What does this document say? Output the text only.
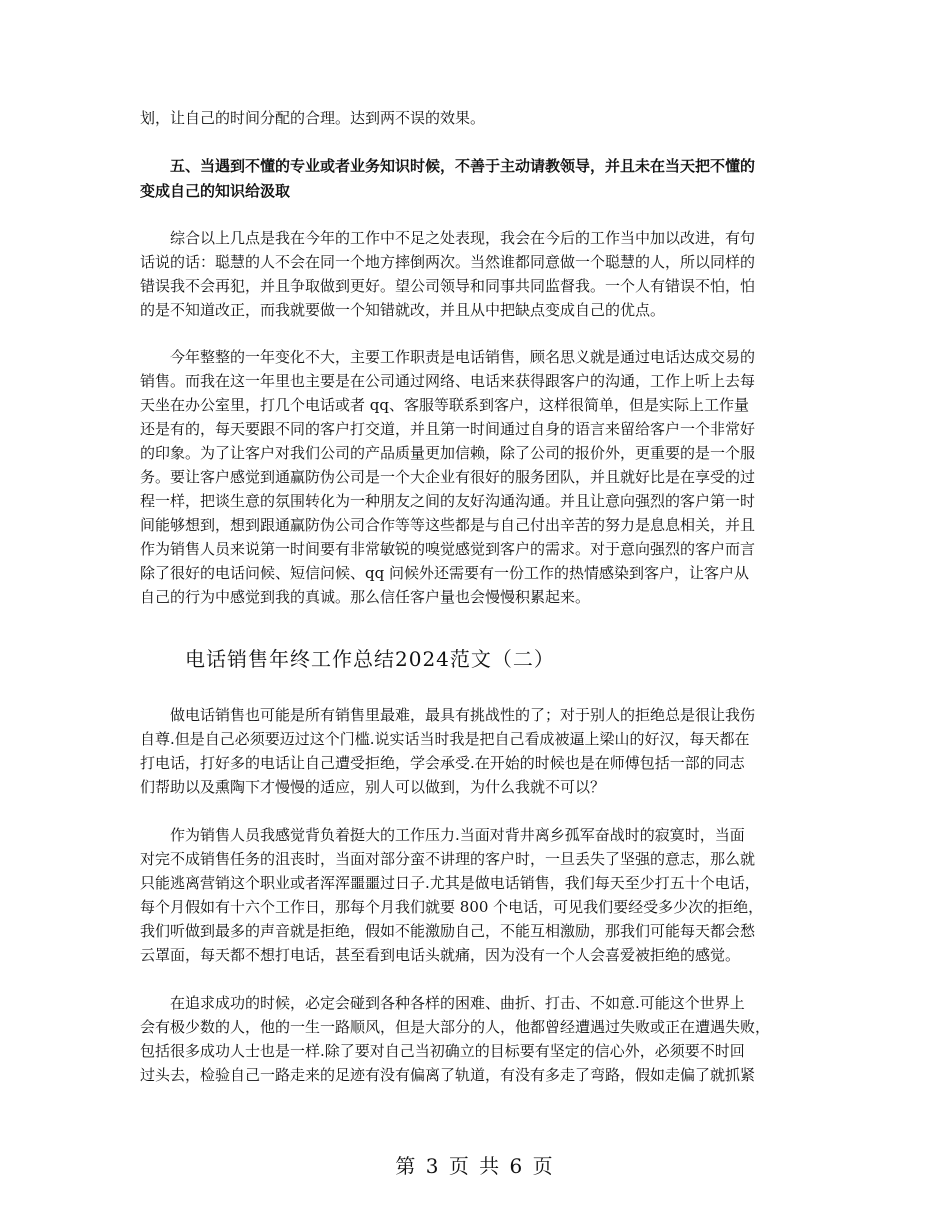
划，让自己的时间分配的合理。达到两不误的效果。
　　五、当遇到不懂的专业或者业务知识时候，不善于主动请教领导，并且未在当天把不懂的
变成自己的知识给汲取
　　综合以上几点是我在今年的工作中不足之处表现，我会在今后的工作当中加以改进，有句
话说的话：聪慧的人不会在同一个地方摔倒两次。当然谁都同意做一个聪慧的人，所以同样的
错误我不会再犯，并且争取做到更好。望公司领导和同事共同监督我。一个人有错误不怕，怕
的是不知道改正，而我就要做一个知错就改，并且从中把缺点变成自己的优点。
　　今年整整的一年变化不大，主要工作职责是电话销售，顾名思义就是通过电话达成交易的
销售。而我在这一年里也主要是在公司通过网络、电话来获得跟客户的沟通，工作上听上去每
天坐在办公室里，打几个电话或者 qq、客服等联系到客户，这样很简单，但是实际上工作量
还是有的，每天要跟不同的客户打交道，并且第一时间通过自身的语言来留给客户一个非常好
的印象。为了让客户对我们公司的产品质量更加信赖，除了公司的报价外，更重要的是一个服
务。要让客户感觉到通赢防伪公司是一个大企业有很好的服务团队，并且就好比是在享受的过
程一样，把谈生意的氛围转化为一种朋友之间的友好沟通沟通。并且让意向强烈的客户第一时
间能够想到，想到跟通赢防伪公司合作等等这些都是与自己付出辛苦的努力是息息相关，并且
作为销售人员来说第一时间要有非常敏锐的嗅觉感觉到客户的需求。对于意向强烈的客户而言
除了很好的电话问候、短信问候、qq 问候外还需要有一份工作的热情感染到客户，让客户从
自己的行为中感觉到我的真诚。那么信任客户量也会慢慢积累起来。
电话销售年终工作总结2024范文（二）
　　做电话销售也可能是所有销售里最难，最具有挑战性的了；对于别人的拒绝总是很让我伤
自尊.但是自己必须要迈过这个门槛.说实话当时我是把自己看成被逼上梁山的好汉，每天都在
打电话，打好多的电话让自己遭受拒绝，学会承受.在开始的时候也是在师傅包括一部的同志
们帮助以及熏陶下才慢慢的适应，别人可以做到，为什么我就不可以？
　　作为销售人员我感觉背负着挺大的工作压力.当面对背井离乡孤军奋战时的寂寞时，当面
对完不成销售任务的沮丧时，当面对部分蛮不讲理的客户时，一旦丢失了坚强的意志，那么就
只能逃离营销这个职业或者浑浑噩噩过日子.尤其是做电话销售，我们每天至少打五十个电话，
每个月假如有十六个工作日，那每个月我们就要 800 个电话，可见我们要经受多少次的拒绝，
我们听做到最多的声音就是拒绝，假如不能激励自己，不能互相激励，那我们可能每天都会愁
云罩面，每天都不想打电话，甚至看到电话头就痛，因为没有一个人会喜爱被拒绝的感觉。
　　在追求成功的时候，必定会碰到各种各样的困难、曲折、打击、不如意.可能这个世界上
会有极少数的人，他的一生一路顺风，但是大部分的人，他都曾经遭遇过失败或正在遭遇失败，
包括很多成功人士也是一样.除了要对自己当初确立的目标要有坚定的信心外，必须要不时回
过头去，检验自己一路走来的足迹有没有偏离了轨道，有没有多走了弯路，假如走偏了就抓紧
第 3 页 共 6 页
